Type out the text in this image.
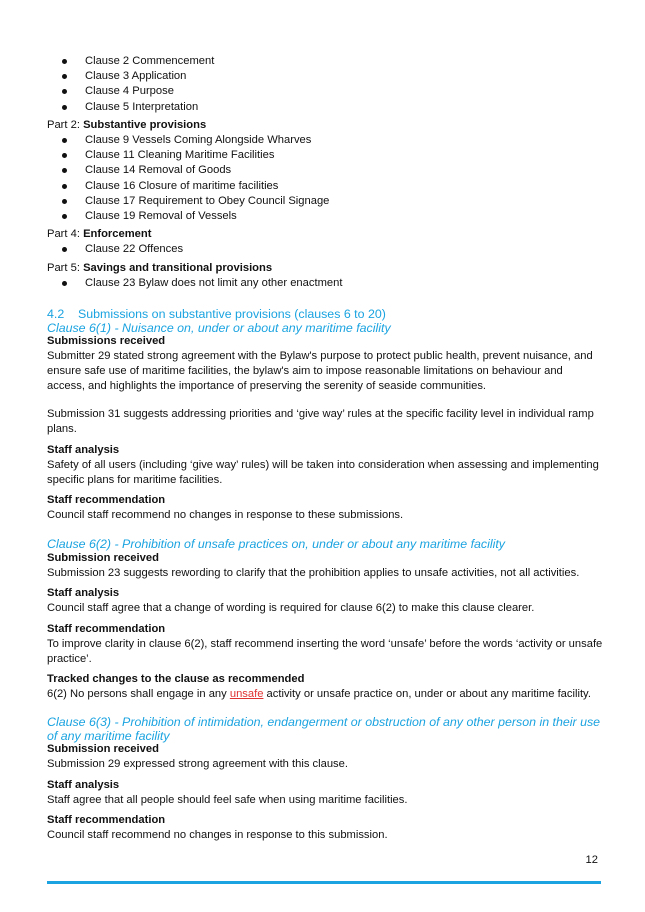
Clause 2 Commencement
Clause 3 Application
Clause 4 Purpose
Clause 5 Interpretation
Part 2: Substantive provisions
Clause 9 Vessels Coming Alongside Wharves
Clause 11 Cleaning Maritime Facilities
Clause 14 Removal of Goods
Clause 16 Closure of maritime facilities
Clause 17 Requirement to Obey Council Signage
Clause 19 Removal of Vessels
Part 4: Enforcement
Clause 22 Offences
Part 5: Savings and transitional provisions
Clause 23 Bylaw does not limit any other enactment
4.2 Submissions on substantive provisions (clauses 6 to 20)
Clause 6(1) - Nuisance on, under or about any maritime facility
Submissions received

Submitter 29 stated strong agreement with the Bylaw's purpose to protect public health, prevent nuisance, and ensure safe use of maritime facilities, the bylaw's aim to impose reasonable limitations on behaviour and access, and highlights the importance of preserving the serenity of seaside communities.

Submission 31 suggests addressing priorities and ‘give way’ rules at the specific facility level in individual ramp plans.

Staff analysis

Safety of all users (including ‘give way’ rules) will be taken into consideration when assessing and implementing specific plans for maritime facilities.

Staff recommendation

Council staff recommend no changes in response to these submissions.

Clause 6(2) - Prohibition of unsafe practices on, under or about any maritime facility
Submission received

Submission 23 suggests rewording to clarify that the prohibition applies to unsafe activities, not all activities.

Staff analysis

Council staff agree that a change of wording is required for clause 6(2) to make this clause clearer.

Staff recommendation

To improve clarity in clause 6(2), staff recommend inserting the word ‘unsafe’ before the words ‘activity or unsafe practice’.

Tracked changes to the clause as recommended

6(2) No persons shall engage in any unsafe activity or unsafe practice on, under or about any maritime facility.

Clause 6(3) - Prohibition of intimidation, endangerment or obstruction of any other person in their use of any maritime facility
Submission received

Submission 29 expressed strong agreement with this clause.

Staff analysis

Staff agree that all people should feel safe when using maritime facilities.

Staff recommendation

Council staff recommend no changes in response to this submission.

12
